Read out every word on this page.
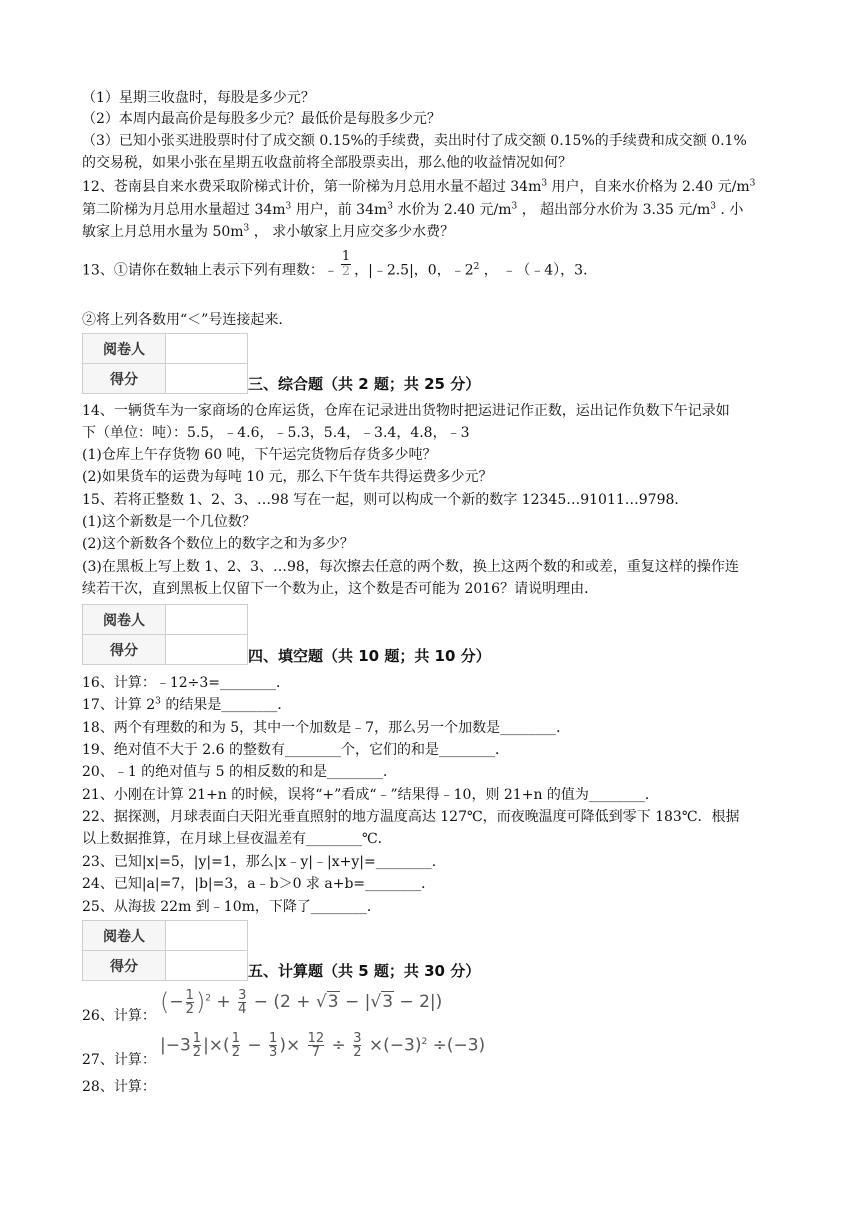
（1）星期三收盘时，每股是多少元？
（2）本周内最高价是每股多少元？最低价是每股多少元？
（3）已知小张买进股票时付了成交额 0.15%的手续费，卖出时付了成交额 0.15%的手续费和成交额 0.1%
的交易税，如果小张在星期五收盘前将全部股票卖出，那么他的收益情况如何？
12、苍南县自来水费采取阶梯式计价，第一阶梯为月总用水量不超过 $34m^3$ 用户，自来水价格为 2.40 元$/m^3$
第二阶梯为月总用水量超过 $34m^3$ 用户，前 $34m^3$ 水价为 2.40 元$/m^3$ ， 超出部分水价为 3.35 元$/m^3$ . 小
敏家上月总用水量为 $50m^3$ ， 求小敏家上月应交多少水费？
13、①请你在数轴上表示下列有理数：﹣ $\frac{1}{2}$ ，|﹣2.5|，0，$﹣2^2$ ， ﹣（﹣4），3．
②将上列各数用“＜”号连接起来.
阅卷人	
得分		三、综合题（共 2 题；共 25 分）
14、一辆货车为一家商场的仓库运货，仓库在记录进出货物时把运进记作正数，运出记作负数下午记录如
下（单位：吨）：5.5，﹣4.6，﹣5.3，5.4，﹣3.4，4.8，﹣3
(1)仓库上午存货物 60 吨，下午运完货物后存货多少吨？
(2)如果货车的运费为每吨 10 元，那么下午货车共得运费多少元？
15、若将正整数 1、2、3、…98 写在一起，则可以构成一个新的数字 12345…91011…9798．
(1)这个新数是一个几位数？
(2)这个新数各个数位上的数字之和为多少？
(3)在黑板上写上数 1、2、3、…98，每次擦去任意的两个数，换上这两个数的和或差，重复这样的操作连
续若干次，直到黑板上仅留下一个数为止，这个数是否可能为 2016？请说明理由．
阅卷人	
得分		四、填空题（共 10 题；共 10 分）
16、计算：﹣12÷3=________．
17、计算 $2^3$ 的结果是________．
18、两个有理数的和为 5，其中一个加数是﹣7，那么另一个加数是________．
19、绝对值不大于 2.6 的整数有________个，它们的和是________．
20、﹣1 的绝对值与 5 的相反数的和是________．
21、小刚在计算 21+n 的时候，误将“+”看成“﹣”结果得﹣10，则 21+n 的值为________．
22、据探测，月球表面白天阳光垂直照射的地方温度高达 127℃，而夜晚温度可降低到零下 183℃．根据
以上数据推算，在月球上昼夜温差有________℃．
23、已知|x|=5，|y|=1，那么|x﹣y|﹣|x+y|=________．
24、已知|a|=7，|b|=3，a﹣b＞0 求 a+b=________．
25、从海拔 22m 到﹣10m，下降了________．
阅卷人	
得分		五、计算题（共 5 题；共 30 分）
26、计算： (− $\frac{1}{2} )^2 + \frac{3}{4} - (2 + √3 - |√3 - 2|)$
27、计算：
$|-3 \frac{1}{2}$ |×( $\frac{1}{2} - \frac{1}{3}$ )× $\frac{12}{7} \div \frac{3}{2} \times(-3)^2 \div(-3)$
28、计算：
